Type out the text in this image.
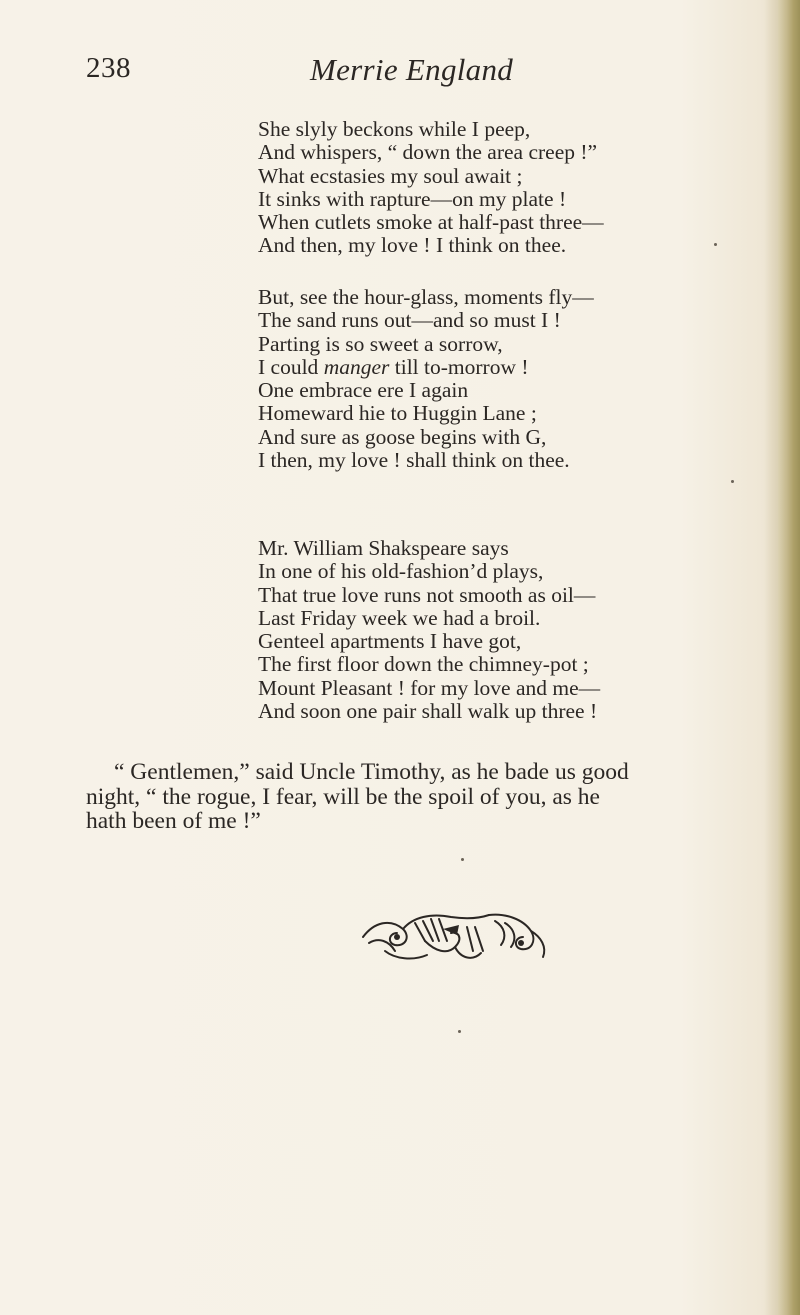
238	Merrie England
She slyly beckons while I peep,
And whispers, “ down the area creep !”
What ecstasies my soul await ;
It sinks with rapture—on my plate !
When cutlets smoke at half-past three—
And then, my love ! I think on thee.
But, see the hour-glass, moments fly—
The sand runs out—and so must I !
Parting is so sweet a sorrow,
I could manger till to-morrow !
One embrace ere I again
Homeward hie to Huggin Lane ;
And sure as goose begins with G,
I then, my love ! shall think on thee.
Mr. William Shakspeare says
In one of his old-fashion’d plays,
That true love runs not smooth as oil—
Last Friday week we had a broil.
Genteel apartments I have got,
The first floor down the chimney-pot ;
Mount Pleasant ! for my love and me—
And soon one pair shall walk up three !
“ Gentlemen,” said Uncle Timothy, as he bade us good
night, “ the rogue, I fear, will be the spoil of you, as he
hath been of me !”
